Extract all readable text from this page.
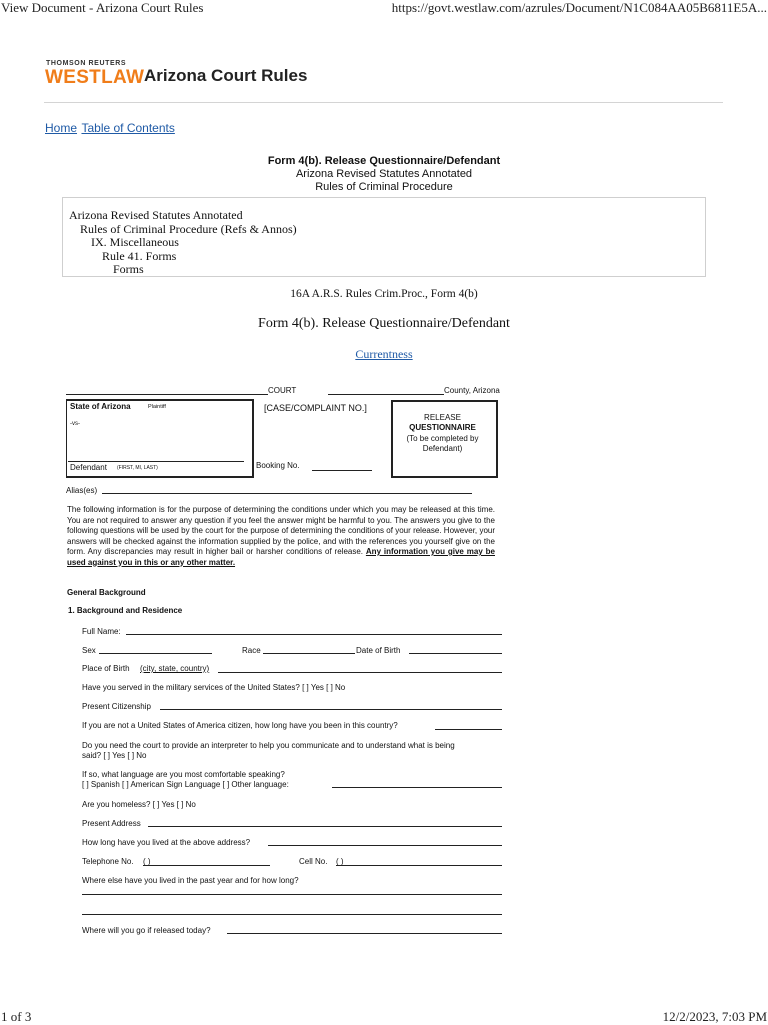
View Document - Arizona Court Rules	https://govt.westlaw.com/azrules/Document/N1C084AA05B6811E5A...
THOMSON REUTERS
WESTLAW Arizona Court Rules
Home Table of Contents
Form 4(b). Release Questionnaire/Defendant
Arizona Revised Statutes Annotated
Rules of Criminal Procedure
Arizona Revised Statutes Annotated
Rules of Criminal Procedure (Refs & Annos)
IX. Miscellaneous
Rule 41. Forms
Forms
16A A.R.S. Rules Crim.Proc., Form 4(b)
Form 4(b). Release Questionnaire/Defendant
Currentness
COURT	County, Arizona
State of Arizona	Plaintiff
-vs-
Defendant (FIRST, MI, LAST)
[CASE/COMPLAINT NO.]
Booking No.
RELEASE
QUESTIONNAIRE
(To be completed by
Defendant)
Alias(es)
The following information is for the purpose of determining the conditions under which you may be released at this time. You are not required to answer any question if you feel the answer might be harmful to you. The answers you give to the following questions will be used by the court for the purpose of determining the conditions of your release. However, your answers will be checked against the information supplied by the police, and with the references you yourself give on the form. Any discrepancies may result in higher bail or harsher conditions of release. Any information you give may be used against you in this or any other matter.
General Background
1. Background and Residence
Full Name:
Sex	Race	Date of Birth
Place of Birth (city, state, country)
Have you served in the military services of the United States? [ ] Yes [ ] No
Present Citizenship
If you are not a United States of America citizen, how long have you been in this country?
Do you need the court to provide an interpreter to help you communicate and to understand what is being
said? [ ] Yes [ ] No
If so, what language are you most comfortable speaking?
[ ] Spanish [ ] American Sign Language [ ] Other language:
Are you homeless? [ ] Yes [ ] No
Present Address
How long have you lived at the above address?
Telephone No. ( )	Cell No. ( )
Where else have you lived in the past year and for how long?
Where will you go if released today?
1 of 3	12/2/2023, 7:03 PM
